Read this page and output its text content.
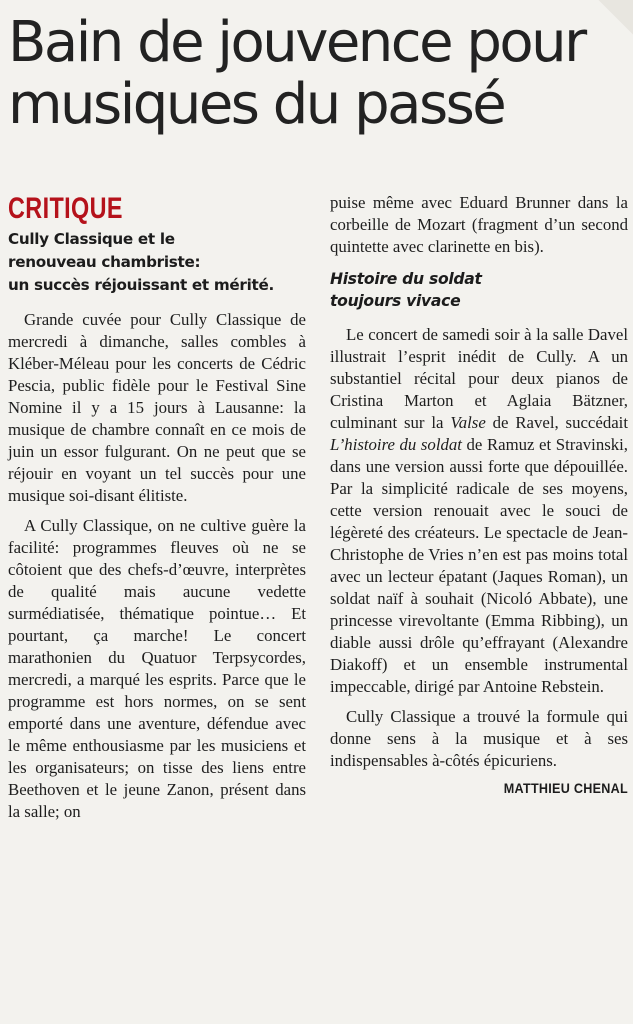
Bain de jouvence pour
musiques du passé
CRITIQUE
Cully Classique et le
renouveau chambriste:
un succès réjouissant et mérité.

Grande cuvée pour Cully Classique de mercredi à dimanche, salles combles à Kléber-Méleau pour les concerts de Cédric Pescia, public fidèle pour le Festival Sine Nomine il y a 15 jours à Lausanne: la musique de chambre connaît en ce mois de juin un essor fulgurant. On ne peut que se réjouir en voyant un tel succès pour une musique soi-disant élitiste.

A Cully Classique, on ne cultive guère la facilité: programmes fleuves où ne se côtoient que des chefs-d’œuvre, interprètes de qualité mais aucune vedette surmédiatisée, thématique pointue… Et pourtant, ça marche! Le concert marathonien du Quatuor Terpsycordes, mercredi, a marqué les esprits. Parce que le programme est hors normes, on se sent emporté dans une aventure, défendue avec le même enthousiasme par les musiciens et les organisateurs; on tisse des liens entre Beethoven et le jeune Zanon, présent dans la salle; on

puise même avec Eduard Brunner dans la corbeille de Mozart (fragment d’un second quintette avec clarinette en bis).

Histoire du soldat
toujours vivace

Le concert de samedi soir à la salle Davel illustrait l’esprit inédit de Cully. A un substantiel récital pour deux pianos de Cristina Marton et Aglaia Bätzner, culminant sur la Valse de Ravel, succédait L’histoire du soldat de Ramuz et Stravinski, dans une version aussi forte que dépouillée. Par la simplicité radicale de ses moyens, cette version renouait avec le souci de légèreté des créateurs. Le spectacle de Jean-Christophe de Vries n’en est pas moins total avec un lecteur épatant (Jaques Roman), un soldat naïf à souhait (Nicoló Abbate), une princesse virevoltante (Emma Ribbing), un diable aussi drôle qu’effrayant (Alexandre Diakoff) et un ensemble instrumental impeccable, dirigé par Antoine Rebstein.

Cully Classique a trouvé la formule qui donne sens à la musique et à ses indispensables à-côtés épicuriens.

MATTHIEU CHENAL
